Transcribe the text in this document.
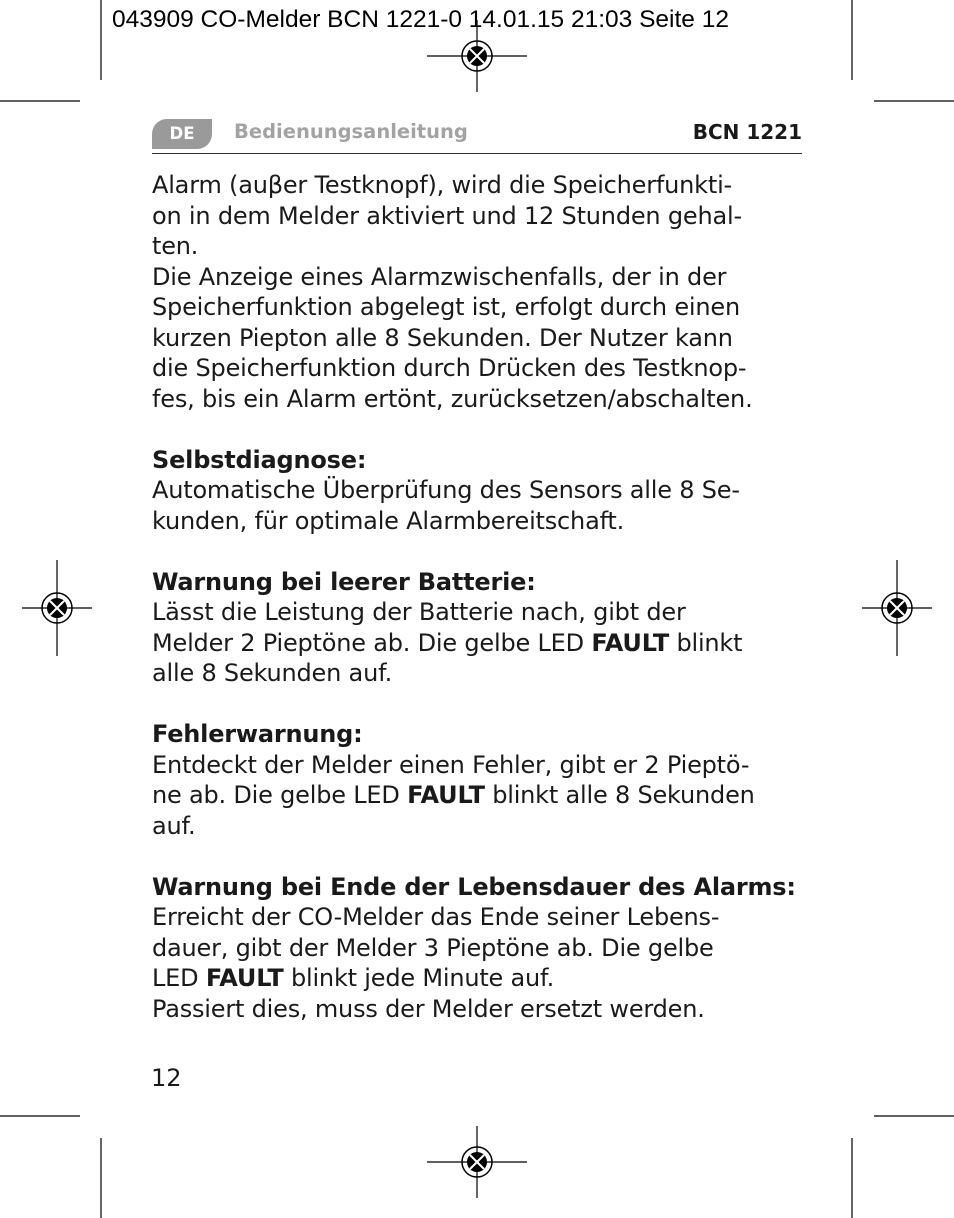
043909 CO-Melder BCN 1221-0 14.01.15 21:03 Seite 12
DE	Bedienungsanleitung	BCN 1221
Alarm (auβer Testknopf), wird die Speicherfunkti-
on in dem Melder aktiviert und 12 Stunden gehal-
ten.
Die Anzeige eines Alarmzwischenfalls, der in der
Speicherfunktion abgelegt ist, erfolgt durch einen
kurzen Piepton alle 8 Sekunden. Der Nutzer kann
die Speicherfunktion durch Drücken des Testknop-
fes, bis ein Alarm ertönt, zurücksetzen/abschalten.
Selbstdiagnose:
Automatische Überprüfung des Sensors alle 8 Se-
kunden, für optimale Alarmbereitschaft.
Warnung bei leerer Batterie:
Lässt die Leistung der Batterie nach, gibt der
Melder 2 Pieptöne ab. Die gelbe LED FAULT blinkt
alle 8 Sekunden auf.
Fehlerwarnung:
Entdeckt der Melder einen Fehler, gibt er 2 Pieptö-
ne ab. Die gelbe LED FAULT blinkt alle 8 Sekunden
auf.
Warnung bei Ende der Lebensdauer des Alarms:
Erreicht der CO-Melder das Ende seiner Lebens-
dauer, gibt der Melder 3 Pieptöne ab. Die gelbe
LED FAULT blinkt jede Minute auf.
Passiert dies, muss der Melder ersetzt werden.
12
